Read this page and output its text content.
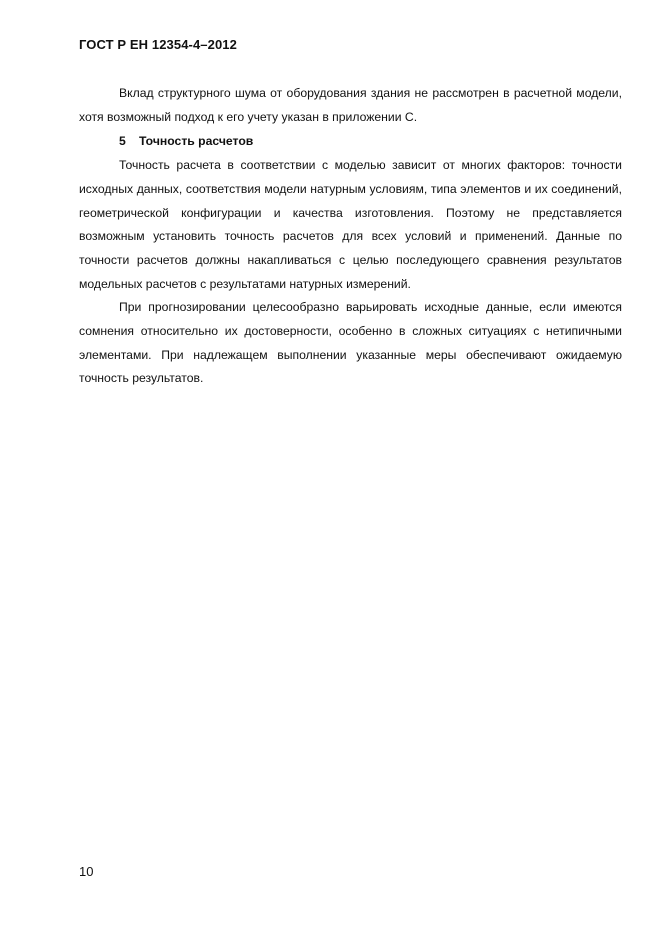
ГОСТ Р ЕН 12354-4–2012

Вклад структурного шума от оборудования здания не рассмотрен в расчетной модели, хотя возможный подход к его учету указан в приложении С.

5 Точность расчетов

Точность расчета в соответствии с моделью зависит от многих факторов: точности исходных данных, соответствия модели натурным условиям, типа элементов и их соединений, геометрической конфигурации и качества изготовления. Поэтому не представляется возможным установить точность расчетов для всех условий и применений. Данные по точности расчетов должны накапливаться с целью последующего сравнения результатов модельных расчетов с результатами натурных измерений.

При прогнозировании целесообразно варьировать исходные данные, если имеются сомнения относительно их достоверности, особенно в сложных ситуациях с нетипичными элементами. При надлежащем выполнении указанные меры обеспечивают ожидаемую точность результатов.

10
